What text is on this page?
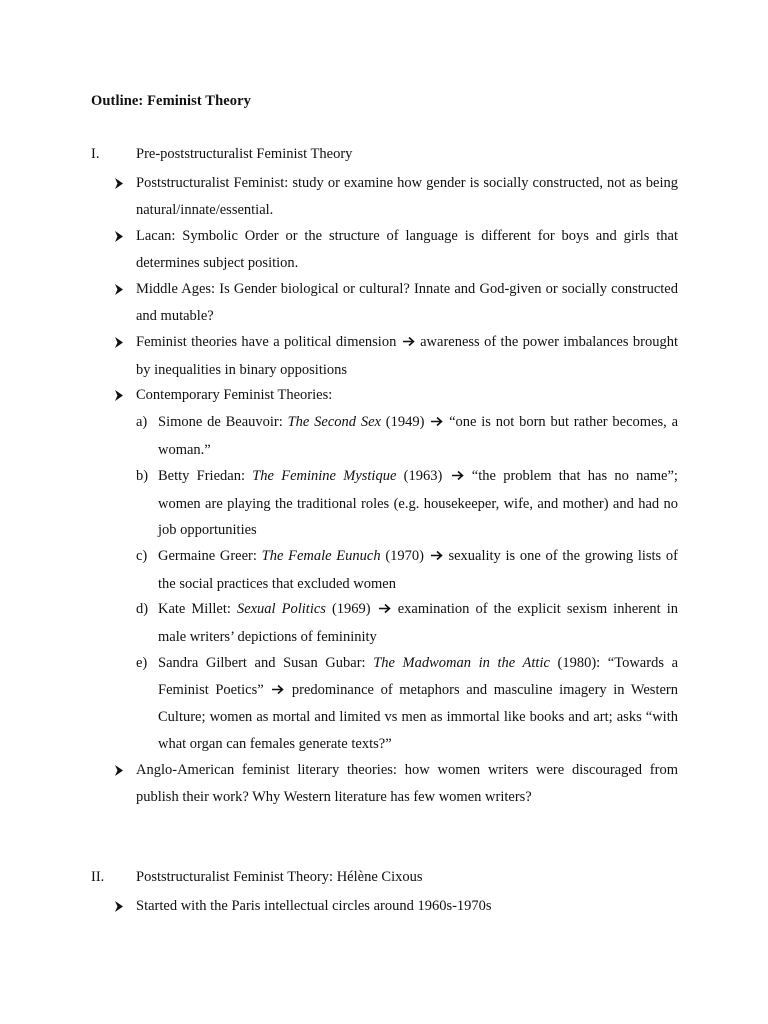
Outline: Feminist Theory
I.	Pre-poststructuralist Feminist Theory
Poststructuralist Feminist: study or examine how gender is socially constructed, not as being natural/innate/essential.
Lacan: Symbolic Order or the structure of language is different for boys and girls that determines subject position.
Middle Ages: Is Gender biological or cultural? Innate and God-given or socially constructed and mutable?
Feminist theories have a political dimension awareness of the power imbalances brought by inequalities in binary oppositions
Contemporary Feminist Theories:
a) Simone de Beauvoir: The Second Sex (1949)  “one is not born but rather becomes, a woman.”
b) Betty Friedan: The Feminine Mystique (1963)  “the problem that has no name”; women are playing the traditional roles (e.g. housekeeper, wife, and mother) and had no job opportunities
c) Germaine Greer: The Female Eunuch (1970)  sexuality is one of the growing lists of the social practices that excluded women
d) Kate Millet: Sexual Politics (1969)  examination of the explicit sexism inherent in male writers’ depictions of femininity
e) Sandra Gilbert and Susan Gubar: The Madwoman in the Attic (1980): “Towards a Feminist Poetics”  predominance of metaphors and masculine imagery in Western Culture; women as mortal and limited vs men as immortal like books and art; asks “with what organ can females generate texts?”
Anglo-American feminist literary theories: how women writers were discouraged from publish their work? Why Western literature has few women writers?
II. Poststructuralist Feminist Theory: Hélène Cixous
Started with the Paris intellectual circles around 1960s-1970s
